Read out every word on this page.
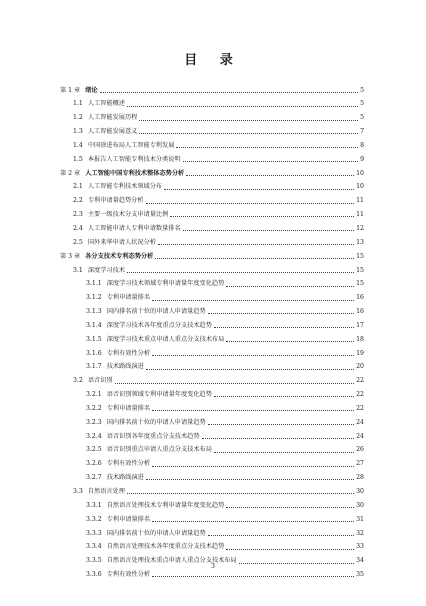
目 录
第 1 章 绪论	5
1.1 人工智能概述	5
1.2 人工智能发展历程	5
1.3 人工智能发展意义	7
1.4 中国徐进布局人工智能专利发展	8
1.5 本报告人工智能专利技术分类说明	9
第 2 章 人工智能中国专利技术整体态势分析	10
2.1 人工智能专利技术领域分布	10
2.2 专利申请量趋势分析	11
2.3 主要一级技术分支申请量比例	11
2.4 人工智能申请人专利申请数量排名	12
2.5 国外来华申请人状况分析	13
第 3 章 各分支技术专利态势分析	15
3.1 深度学习技术	15
3.1.1 深度学习技术领域专利申请量年度变化趋势	15
3.1.2 专利申请量排名	16
3.1.3 国内排名前十位的申请人申请量趋势	16
3.1.4 深度学习技术各年度重点分支技术趋势	17
3.1.5 深度学习技术重点申请人重点分支技术布局	18
3.1.6 专利有效性分析	19
3.1.7 技术路线演进	20
3.2 语音识别	22
3.2.1 语音识别领域专利申请量年度变化趋势	22
3.2.2 专利申请量排名	22
3.2.3 国内排名前十位的申请人申请量趋势	24
3.2.4 语音识别各年度重点分支技术趋势	24
3.2.5 语音识别重点申请人重点分支技术布局	26
3.2.6 专利有效性分析	27
3.2.7 技术路线演进	28
3.3 自然语言处理	30
3.3.1 自然语言处理技术专利申请量年度变化趋势	30
3.3.2 专利申请量排名	31
3.3.3 国内排名前十位的申请人申请量趋势	32
3.3.4 自然语言处理技术各年度重点分支技术趋势	33
3.3.5 自然语言处理技术重点申请人重点分支技术布局	34
3.3.6 专利有效性分析	35
3
